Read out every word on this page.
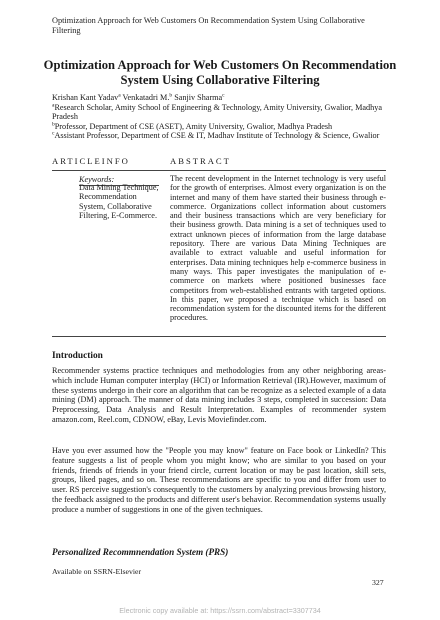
Optimization Approach for Web Customers On Recommendation System Using Collaborative Filtering
Optimization Approach for Web Customers On Recommendation System Using Collaborative Filtering
Krishan Kant Yadav$^a$ Venkatadri M.$^b$ Sanjiv Sharma$^c$
$^a$Research Scholar, Amity School of Engineering & Technology, Amity University, Gwalior, Madhya Pradesh
$^b$Professor, Department of CSE (ASET), Amity University, Gwalior, Madhya Pradesh
$^c$Assistant Professor, Department of CSE & IT, Madhav Institute of Technology & Science, Gwalior
ARTICLEINFO
Keywords:
Data Mining Technique, Recommendation System, Collaborative Filtering, E-Commerce.
ABSTRACT
The recent development in the Internet technology is very useful for the growth of enterprises. Almost every organization is on the internet and many of them have started their business through e-commerce. Organizations collect information about customers and their business transactions which are very beneficiary for their business growth. Data mining is a set of techniques used to extract unknown pieces of information from the large database repository. There are various Data Mining Techniques are available to extract valuable and useful information for enterprises. Data mining techniques help e-commerce business in many ways. This paper investigates the manipulation of e-commerce on markets where positioned businesses face competitors from web-established entrants with targeted options. In this paper, we proposed a technique which is based on recommendation system for the discounted items for the different procedures.
Introduction
Recommender systems practice techniques and methodologies from any other neighboring areas-which include Human computer interplay (HCI) or Information Retrieval (IR).However, maximum of these systems undergo in their core an algorithm that can be recognize as a selected example of a data mining (DM) approach. The manner of data mining includes 3 steps, completed in succession: Data Preprocessing, Data Analysis and Result Interpretation. Examples of recommender system amazon.com, Reel.com, CDNOW, eBay, Levis Moviefinder.com.
Have you ever assumed how the "People you may know" feature on Face book or LinkedIn? This feature suggests a list of people whom you might know; who are similar to you based on your friends, friends of friends in your friend circle, current location or may be past location, skill sets, groups, liked pages, and so on. These recommendations are specific to you and differ from user to user. RS perceive suggestion's consequently to the customers by analyzing previous browsing history, the feedback assigned to the products and different user's behavior. Recommendation systems usually produce a number of suggestions in one of the given techniques.
Personalized Recommnendation System (PRS)
Available on SSRN-Elsevier
327
Electronic copy available at: https://ssrn.com/abstract=3307734
